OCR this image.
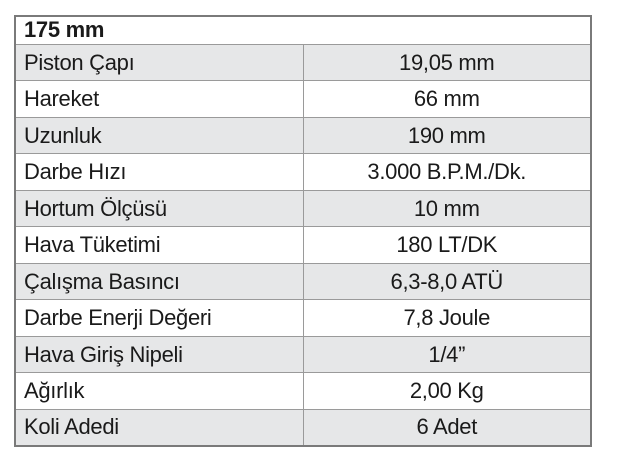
175 mm	
Piston Çapı	19,05 mm
Hareket	66 mm
Uzunluk	190 mm
Darbe Hızı	3.000 B.P.M./Dk.
Hortum Ölçüsü	10 mm
Hava Tüketimi	180 LT/DK
Çalışma Basıncı	6,3-8,0 ATÜ
Darbe Enerji Değeri	7,8 Joule
Hava Giriş Nipeli	1/4”
Ağırlık	2,00 Kg
Koli Adedi	6 Adet
